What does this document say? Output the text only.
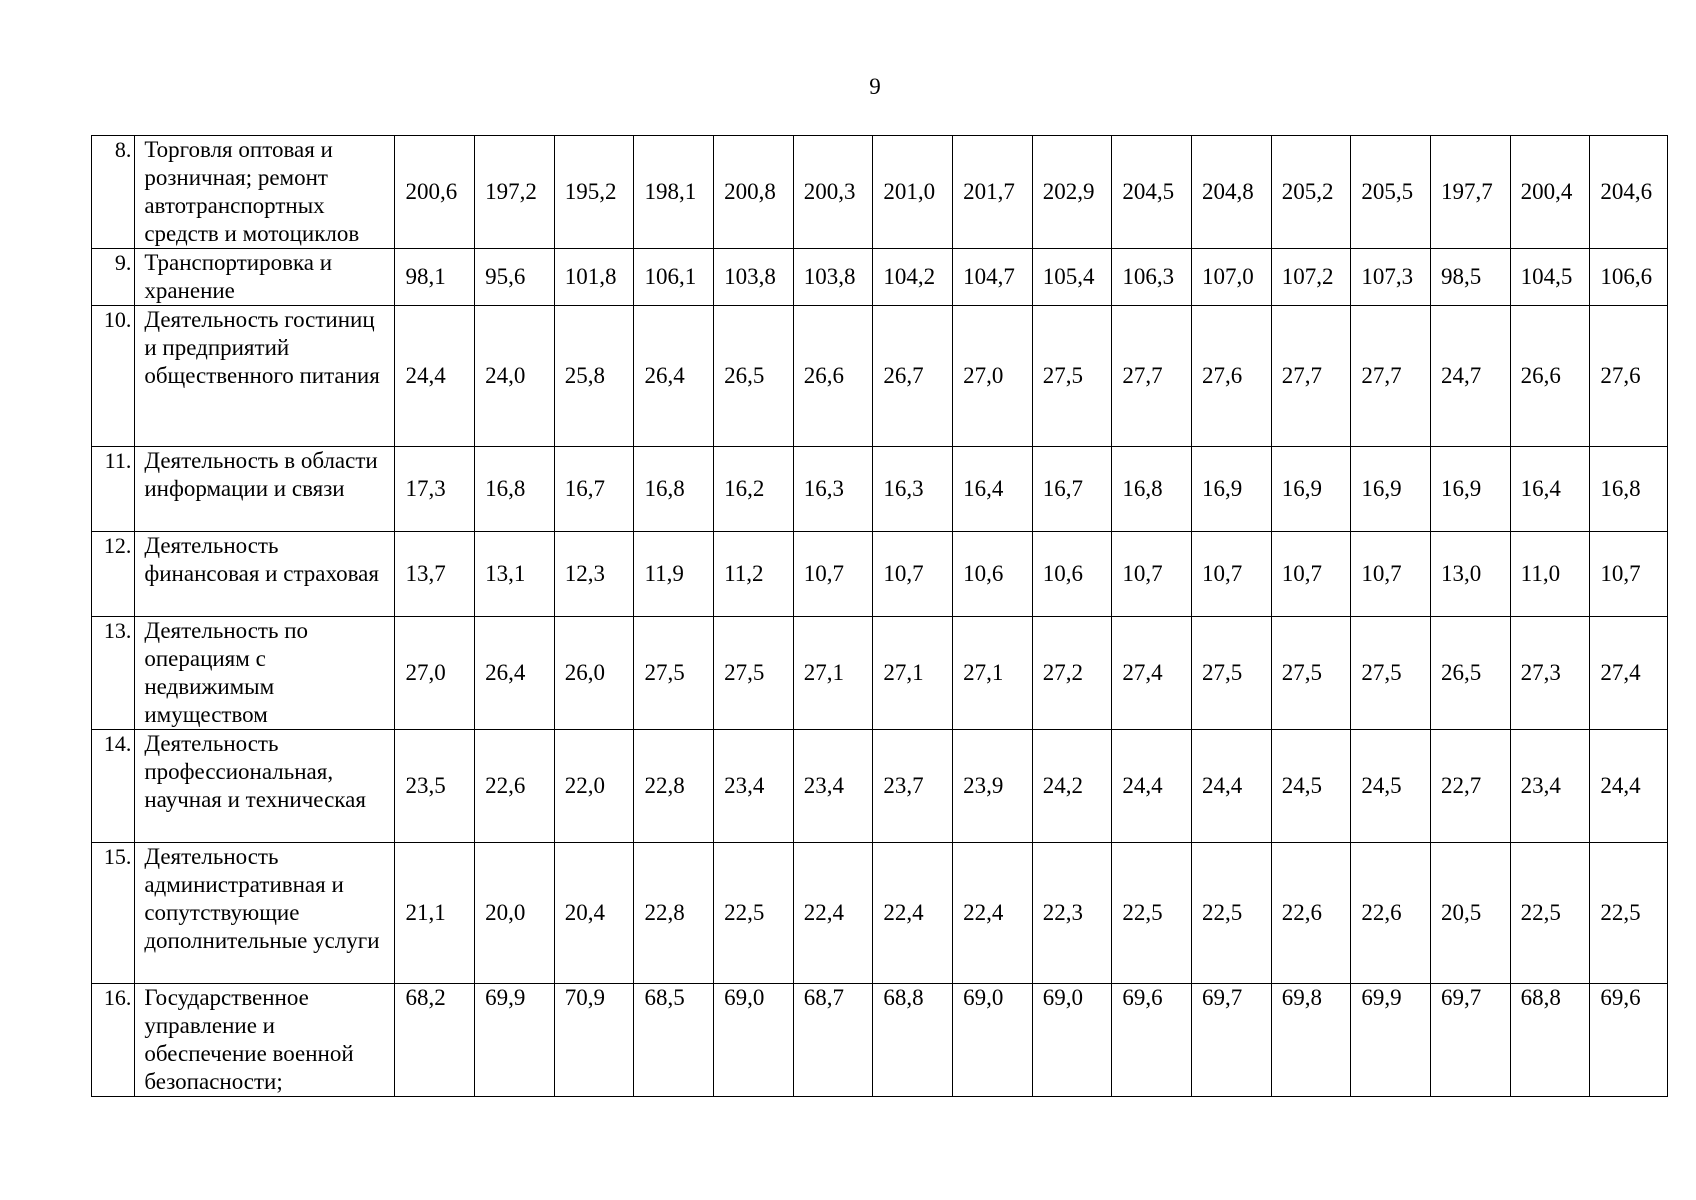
9
8.	Торговля оптовая и розничная; ремонт автотранспортных средств и мотоциклов	200,6	197,2	195,2	198,1	200,8	200,3	201,0	201,7	202,9	204,5	204,8	205,2	205,5	197,7	200,4	204,6
9.	Транспортировка и хранение	98,1	95,6	101,8	106,1	103,8	103,8	104,2	104,7	105,4	106,3	107,0	107,2	107,3	98,5	104,5	106,6
10.	Деятельность гостиниц и предприятий общественного питания	24,4	24,0	25,8	26,4	26,5	26,6	26,7	27,0	27,5	27,7	27,6	27,7	27,7	24,7	26,6	27,6
11.	Деятельность в области информации и связи	17,3	16,8	16,7	16,8	16,2	16,3	16,3	16,4	16,7	16,8	16,9	16,9	16,9	16,9	16,4	16,8
12.	Деятельность финансовая и страховая	13,7	13,1	12,3	11,9	11,2	10,7	10,7	10,6	10,6	10,7	10,7	10,7	10,7	13,0	11,0	10,7
13.	Деятельность по операциям с недвижимым имуществом	27,0	26,4	26,0	27,5	27,5	27,1	27,1	27,1	27,2	27,4	27,5	27,5	27,5	26,5	27,3	27,4
14.	Деятельность профессиональная, научная и техническая	23,5	22,6	22,0	22,8	23,4	23,4	23,7	23,9	24,2	24,4	24,4	24,5	24,5	22,7	23,4	24,4
15.	Деятельность административная и сопутствующие дополнительные услуги	21,1	20,0	20,4	22,8	22,5	22,4	22,4	22,4	22,3	22,5	22,5	22,6	22,6	20,5	22,5	22,5
16.	Государственное управление и обеспечение военной безопасности;	68,2	69,9	70,9	68,5	69,0	68,7	68,8	69,0	69,0	69,6	69,7	69,8	69,9	69,7	68,8	69,6
